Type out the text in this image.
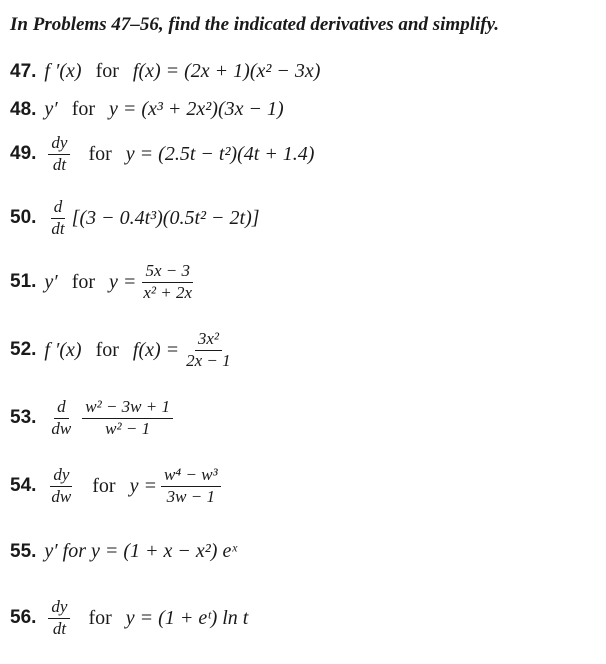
In Problems 47–56, find the indicated derivatives and simplify.
47. f ′(x) for f(x) = (2x + 1)(x² − 3x)
48. y′ for y = (x³ + 2x²)(3x − 1)
49. $\frac{dy}{dt}$ for y = (2.5t − t²)(4t + 1.4)
50. $\frac{d}{dt} [(3 - 0.4t^3)(0.5t^2 - 2t)]$
51. y′ for $y = \frac{5x - 3}{\text{x² + 2x}}$
52. f ′(x) for $f(x) = \frac{\text{3x²}}{2x - 1}$
53. $\frac{d}{dw} \frac{\text{w² − 3w + 1}}{\text{w² − 1}}$
54. $\frac{dy}{dw}$ for $y = \frac{\text{w⁴ − w³}}{3w - 1}$
55. y′ for y = (1 + x − x²) eˣ
56. $\frac{dy}{dt}$ for y = (1 + eᵗ) ln t
